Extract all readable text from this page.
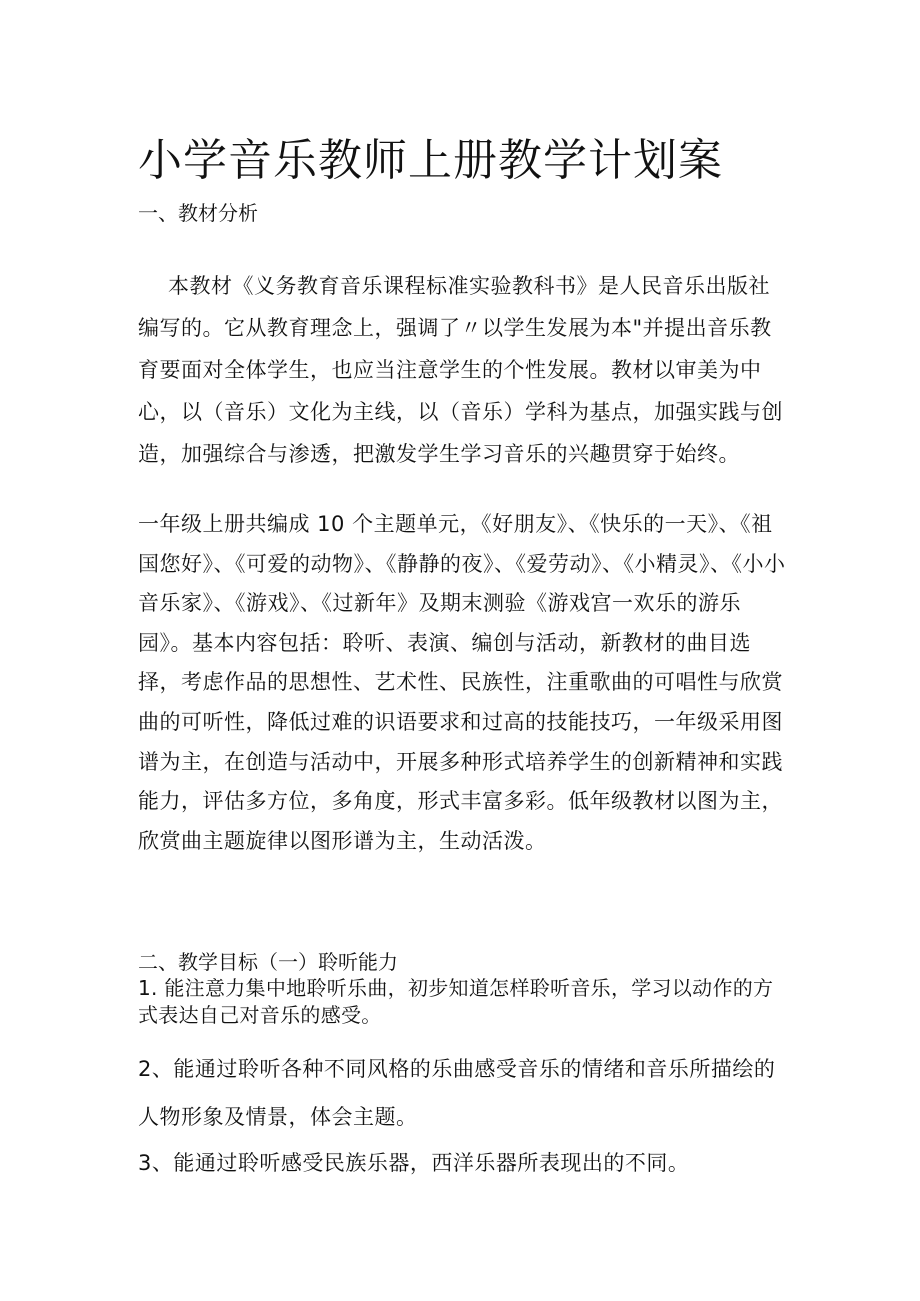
小学音乐教师上册教学计划案
一、教材分析
本教材《义务教育音乐课程标准实验教科书》是人民音乐出版社编写的。它从教育理念上，强调了〃以学生发展为本"并提出音乐教育要面对全体学生，也应当注意学生的个性发展。教材以审美为中心，以（音乐）文化为主线，以（音乐）学科为基点，加强实践与创造，加强综合与渗透，把激发学生学习音乐的兴趣贯穿于始终。
一年级上册共编成 10 个主题单元，《好朋友》、《快乐的一天》、《祖国您好》、《可爱的动物》、《静静的夜》、《爱劳动》、《小精灵》、《小小音乐家》、《游戏》、《过新年》及期末测验《游戏宫一欢乐的游乐园》。基本内容包括：聆听、表演、编创与活动，新教材的曲目选择，考虑作品的思想性、艺术性、民族性，注重歌曲的可唱性与欣赏曲的可听性，降低过难的识语要求和过高的技能技巧，一年级采用图谱为主，在创造与活动中，开展多种形式培养学生的创新精神和实践能力，评估多方位，多角度，形式丰富多彩。低年级教材以图为主，欣赏曲主题旋律以图形谱为主，生动活泼。
二、教学目标（一）聆听能力
1. 能注意力集中地聆听乐曲，初步知道怎样聆听音乐，学习以动作的方式表达自己对音乐的感受。
2、能通过聆听各种不同风格的乐曲感受音乐的情绪和音乐所描绘的人物形象及情景，体会主题。
3、能通过聆听感受民族乐器，西洋乐器所表现出的不同。
